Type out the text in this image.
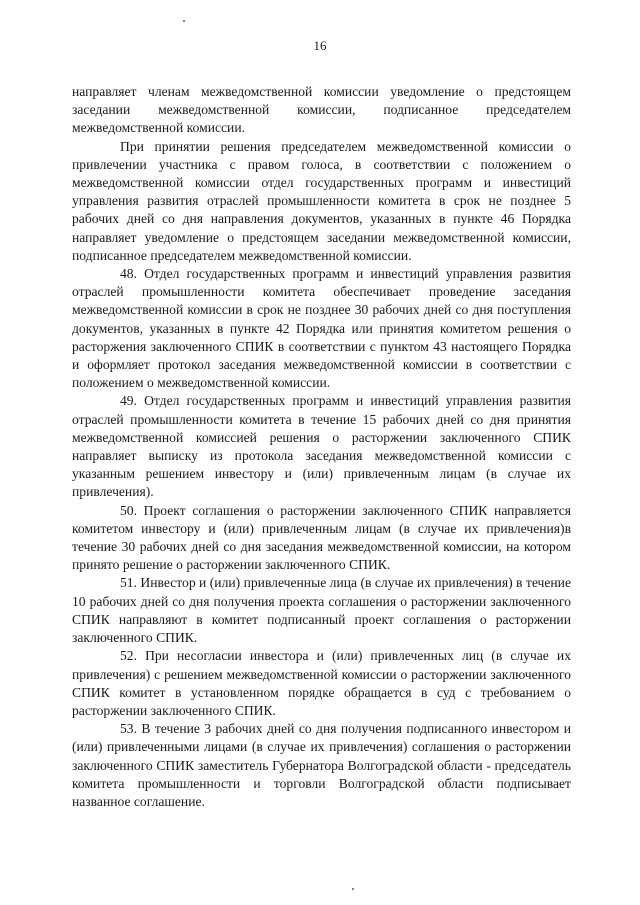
16

направляет членам межведомственной комиссии уведомление о предстоящем заседании межведомственной комиссии, подписанное председателем межведомственной комиссии.

При принятии решения председателем межведомственной комиссии о привлечении участника с правом голоса, в соответствии с положением о межведомственной комиссии отдел государственных программ и инвестиций управления развития отраслей промышленности комитета в срок не позднее 5 рабочих дней со дня направления документов, указанных в пункте 46 Порядка направляет уведомление о предстоящем заседании межведомственной комиссии, подписанное председателем межведомственной комиссии.

48. Отдел государственных программ и инвестиций управления развития отраслей промышленности комитета обеспечивает проведение заседания межведомственной комиссии в срок не позднее 30 рабочих дней со дня поступления документов, указанных в пункте 42 Порядка или принятия комитетом решения о расторжения заключенного СПИК в соответствии с пунктом 43 настоящего Порядка и оформляет протокол заседания межведомственной комиссии в соответствии с положением о межведомственной комиссии.

49. Отдел государственных программ и инвестиций управления развития отраслей промышленности комитета в течение 15 рабочих дней со дня принятия межведомственной комиссией решения о расторжении заключенного СПИК направляет выписку из протокола заседания межведомственной комиссии с указанным решением инвестору и (или) привлеченным лицам (в случае их привлечения).

50. Проект соглашения о расторжении заключенного СПИК направляется комитетом инвестору и (или) привлеченным лицам (в случае их привлечения)в течение 30 рабочих дней со дня заседания межведомственной комиссии, на котором принято решение о расторжении заключенного СПИК.

51. Инвестор и (или) привлеченные лица (в случае их привлечения) в течение 10 рабочих дней со дня получения проекта соглашения о расторжении заключенного СПИК направляют в комитет подписанный проект соглашения о расторжении заключенного СПИК.

52. При несогласии инвестора и (или) привлеченных лиц (в случае их привлечения) с решением межведомственной комиссии о расторжении заключенного СПИК комитет в установленном порядке обращается в суд с требованием о расторжении заключенного СПИК.

53. В течение 3 рабочих дней со дня получения подписанного инвестором и (или) привлеченными лицами (в случае их привлечения) соглашения о расторжении заключенного СПИК заместитель Губернатора Волгоградской области - председатель комитета промышленности и торговли Волгоградской области подписывает названное соглашение.
